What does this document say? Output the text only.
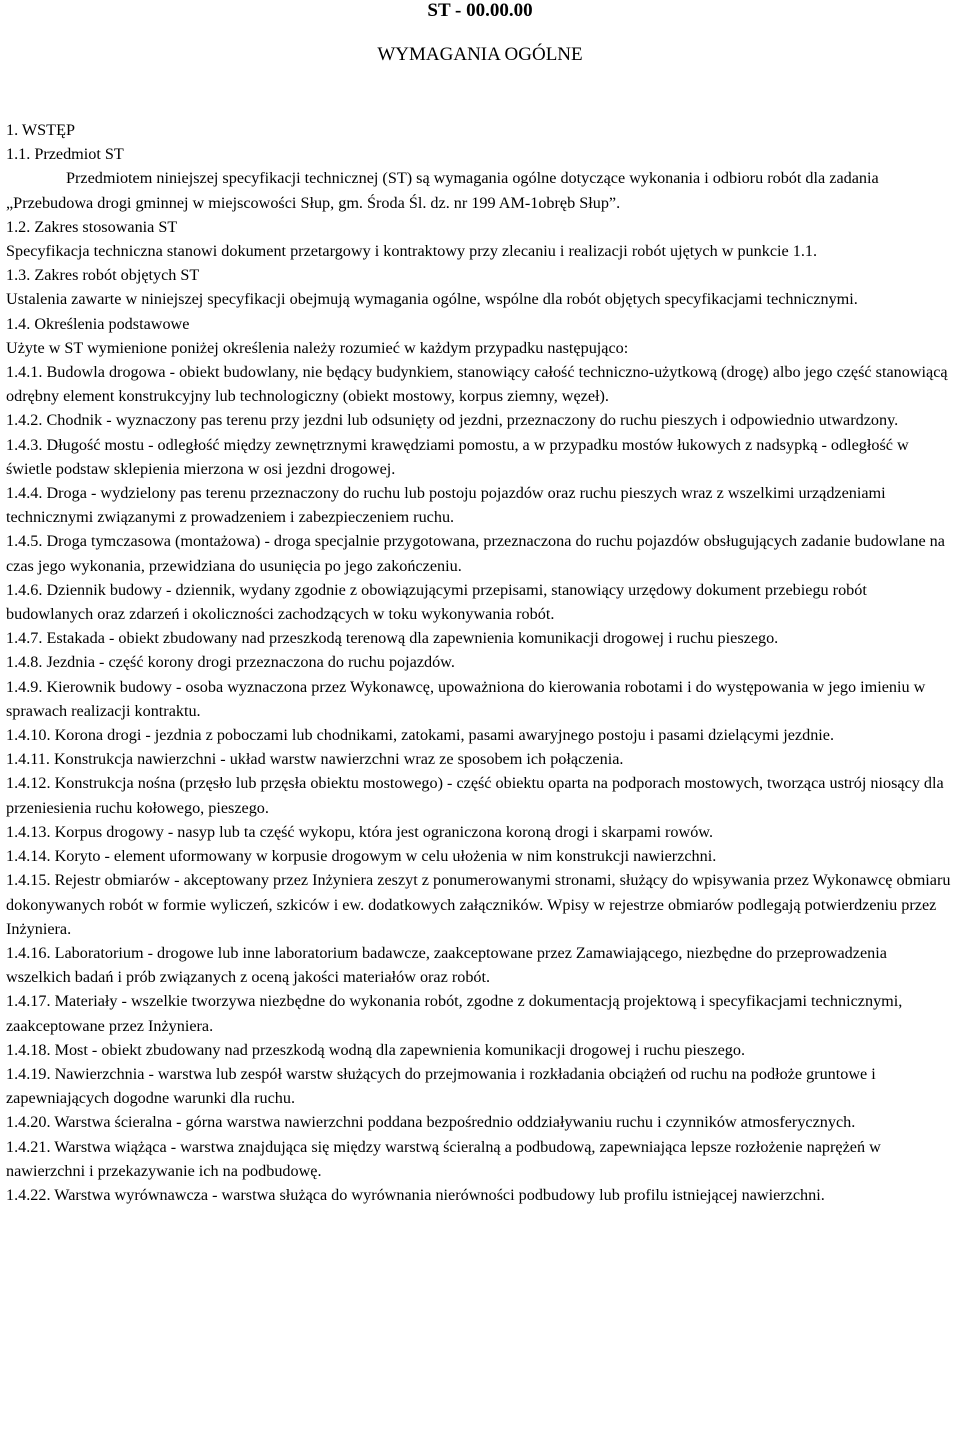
ST - 00.00.00
WYMAGANIA OGÓLNE
1. WSTĘP
1.1. Przedmiot ST
Przedmiotem niniejszej specyfikacji technicznej (ST) są wymagania ogólne dotyczące wykonania i odbioru robót dla zadania „Przebudowa drogi gminnej w miejscowości Słup, gm. Środa Śl. dz. nr 199 AM-1obręb Słup”.
1.2. Zakres stosowania ST
Specyfikacja techniczna stanowi dokument przetargowy i kontraktowy przy zlecaniu i realizacji robót ujętych w punkcie 1.1.
1.3. Zakres robót objętych ST
Ustalenia zawarte w niniejszej specyfikacji obejmują wymagania ogólne, wspólne dla robót objętych specyfikacjami technicznymi.
1.4. Określenia podstawowe
Użyte w ST wymienione poniżej określenia należy rozumieć w każdym przypadku następująco:
1.4.1. Budowla drogowa - obiekt budowlany, nie będący budynkiem, stanowiący całość techniczno-użytkową (drogę) albo jego część stanowiącą odrębny element konstrukcyjny lub technologiczny (obiekt mostowy, korpus ziemny, węzeł).
1.4.2. Chodnik - wyznaczony pas terenu przy jezdni lub odsunięty od jezdni, przeznaczony do ruchu pieszych i odpowiednio utwardzony.
1.4.3. Długość mostu - odległość między zewnętrznymi krawędziami pomostu, a w przypadku mostów łukowych z nadsypką - odległość w świetle podstaw sklepienia mierzona w osi jezdni drogowej.
1.4.4. Droga - wydzielony pas terenu przeznaczony do ruchu lub postoju pojazdów oraz ruchu pieszych wraz z wszelkimi urządzeniami technicznymi związanymi z prowadzeniem i zabezpieczeniem ruchu.
1.4.5. Droga tymczasowa (montażowa) - droga specjalnie przygotowana, przeznaczona do ruchu pojazdów obsługujących zadanie budowlane na czas jego wykonania, przewidziana do usunięcia po jego zakończeniu.
1.4.6. Dziennik budowy - dziennik, wydany zgodnie z obowiązującymi przepisami, stanowiący urzędowy dokument przebiegu robót budowlanych oraz zdarzeń i okoliczności zachodzących w toku wykonywania robót.
1.4.7. Estakada - obiekt zbudowany nad przeszkodą terenową dla zapewnienia komunikacji drogowej i ruchu pieszego.
1.4.8. Jezdnia - część korony drogi przeznaczona do ruchu pojazdów.
1.4.9. Kierownik budowy - osoba wyznaczona przez Wykonawcę, upoważniona do kierowania robotami i do występowania w jego imieniu w sprawach realizacji kontraktu.
1.4.10. Korona drogi - jezdnia z poboczami lub chodnikami, zatokami, pasami awaryjnego postoju i pasami dzielącymi jezdnie.
1.4.11. Konstrukcja nawierzchni - układ warstw nawierzchni wraz ze sposobem ich połączenia.
1.4.12. Konstrukcja nośna (przęsło lub przęsła obiektu mostowego) - część obiektu oparta na podporach mostowych, tworząca ustrój niosący dla przeniesienia ruchu kołowego, pieszego.
1.4.13. Korpus drogowy - nasyp lub ta część wykopu, która jest ograniczona koroną drogi i skarpami rowów.
1.4.14. Koryto - element uformowany w korpusie drogowym w celu ułożenia w nim konstrukcji nawierzchni.
1.4.15. Rejestr obmiarów - akceptowany przez Inżyniera zeszyt z ponumerowanymi stronami, służący do wpisywania przez Wykonawcę obmiaru dokonywanych robót w formie wyliczeń, szkiców i ew. dodatkowych załączników. Wpisy w rejestrze obmiarów podlegają potwierdzeniu przez Inżyniera.
1.4.16. Laboratorium - drogowe lub inne laboratorium badawcze, zaakceptowane przez Zamawiającego, niezbędne do przeprowadzenia wszelkich badań i prób związanych z oceną jakości materiałów oraz robót.
1.4.17. Materiały - wszelkie tworzywa niezbędne do wykonania robót, zgodne z dokumentacją projektową i specyfikacjami technicznymi, zaakceptowane przez Inżyniera.
1.4.18. Most - obiekt zbudowany nad przeszkodą wodną dla zapewnienia komunikacji drogowej i ruchu pieszego.
1.4.19. Nawierzchnia - warstwa lub zespół warstw służących do przejmowania i rozkładania obciążeń od ruchu na podłoże gruntowe i zapewniających dogodne warunki dla ruchu.
1.4.20. Warstwa ścieralna - górna warstwa nawierzchni poddana bezpośrednio oddziaływaniu ruchu i czynników atmosferycznych.
1.4.21. Warstwa wiążąca - warstwa znajdująca się między warstwą ścieralną a podbudową, zapewniająca lepsze rozłożenie naprężeń w nawierzchni i przekazywanie ich na podbudowę.
1.4.22. Warstwa wyrównawcza - warstwa służąca do wyrównania nierówności podbudowy lub profilu istniejącej nawierzchni.
